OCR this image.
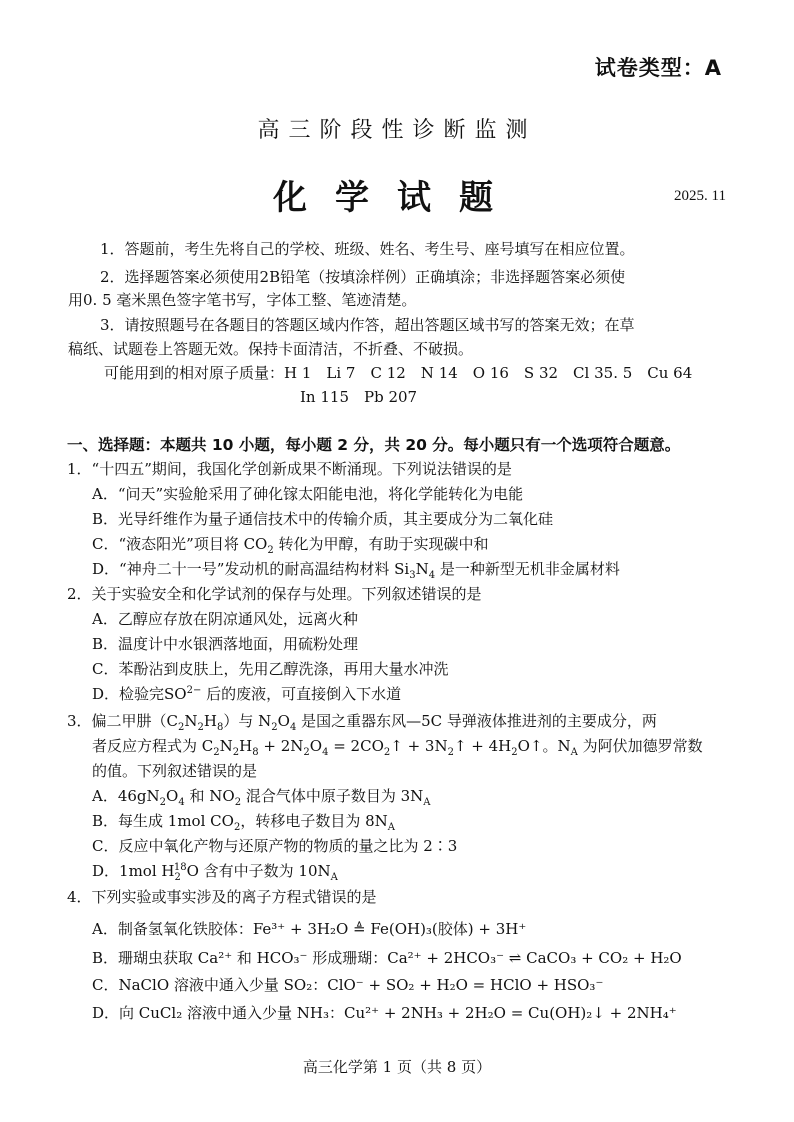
试卷类型：A
高三阶段性诊断监测
化学试题	2025. 11
1．答题前，考生先将自己的学校、班级、姓名、考生号、座号填写在相应位置。
2．选择题答案必须使用2B铅笔（按填涂样例）正确填涂；非选择题答案必须使
用0. 5 毫米黑色签字笔书写，字体工整、笔迹清楚。
3．请按照题号在各题目的答题区域内作答，超出答题区域书写的答案无效；在草
稿纸、试题卷上答题无效。保持卡面清洁，不折叠、不破损。
可能用到的相对原子质量：H 1　Li 7　C 12　N 14　O 16　S 32　Cl 35. 5　Cu 64
In 115　Pb 207
一、选择题：本题共 10 小题，每小题 2 分，共 20 分。每小题只有一个选项符合题意。
1．“十四五”期间，我国化学创新成果不断涌现。下列说法错误的是
A．“问天”实验舱采用了砷化镓太阳能电池，将化学能转化为电能
B．光导纤维作为量子通信技术中的传输介质，其主要成分为二氧化硅
C．“液态阳光”项目将 $CO_2$ 转化为甲醇，有助于实现碳中和
D．“神舟二十一号”发动机的耐高温结构材料 $Si_3N_4$ 是一种新型无机非金属材料
2．关于实验安全和化学试剂的保存与处理。下列叙述错误的是
A．乙醇应存放在阴凉通风处，远离火种
B．温度计中水银洒落地面，用硫粉处理
C．苯酚沾到皮肤上，先用乙醇洗涤，再用大量水冲洗
D．检验完$SO^{2-}$ 后的废液，可直接倒入下水道
3．偏二甲肼$(C_2N_2H_8)$与 $N_2O_4$ 是国之重器东风—5C 导弹液体推进剂的主要成分，两
者反应方程式为 $C_2N_2H_8 + 2N_2O_4$ = $2CO_2↑$ + $3N_2↑$ + $4H_2O↑$。$N_A$ 为阿伏加德罗常数
的值。下列叙述错误的是
A．$46gN_2O_4$ 和 $NO_2$ 混合气体中原子数目为 $3N_A$
B．每生成 1mol $CO_2$，转移电子数目为 $8N_A$
C．反应中氧化产物与还原产物的物质的量之比为 2∶3
D．1mol $H_2^{18}O$ 含有中子数为 $10N_A$
4．下列实验或事实涉及的离子方程式错误的是
A．制备氢氧化铁胶体：Fe³⁺ + 3H₂O ≜ Fe(OH)₃(胶体) + 3H⁺
B．珊瑚虫获取 Ca²⁺ 和 HCO₃⁻ 形成珊瑚：Ca²⁺ + 2HCO₃⁻ ⇌ CaCO₃ + CO₂ + H₂O
C．NaClO 溶液中通入少量 SO₂：ClO⁻ + SO₂ + H₂O = HClO + HSO₃⁻
D．向 CuCl₂ 溶液中通入少量 NH₃：Cu²⁺ + 2NH₃ + 2H₂O = Cu(OH)₂↓ + 2NH₄⁺
高三化学第 1 页（共 8 页）
